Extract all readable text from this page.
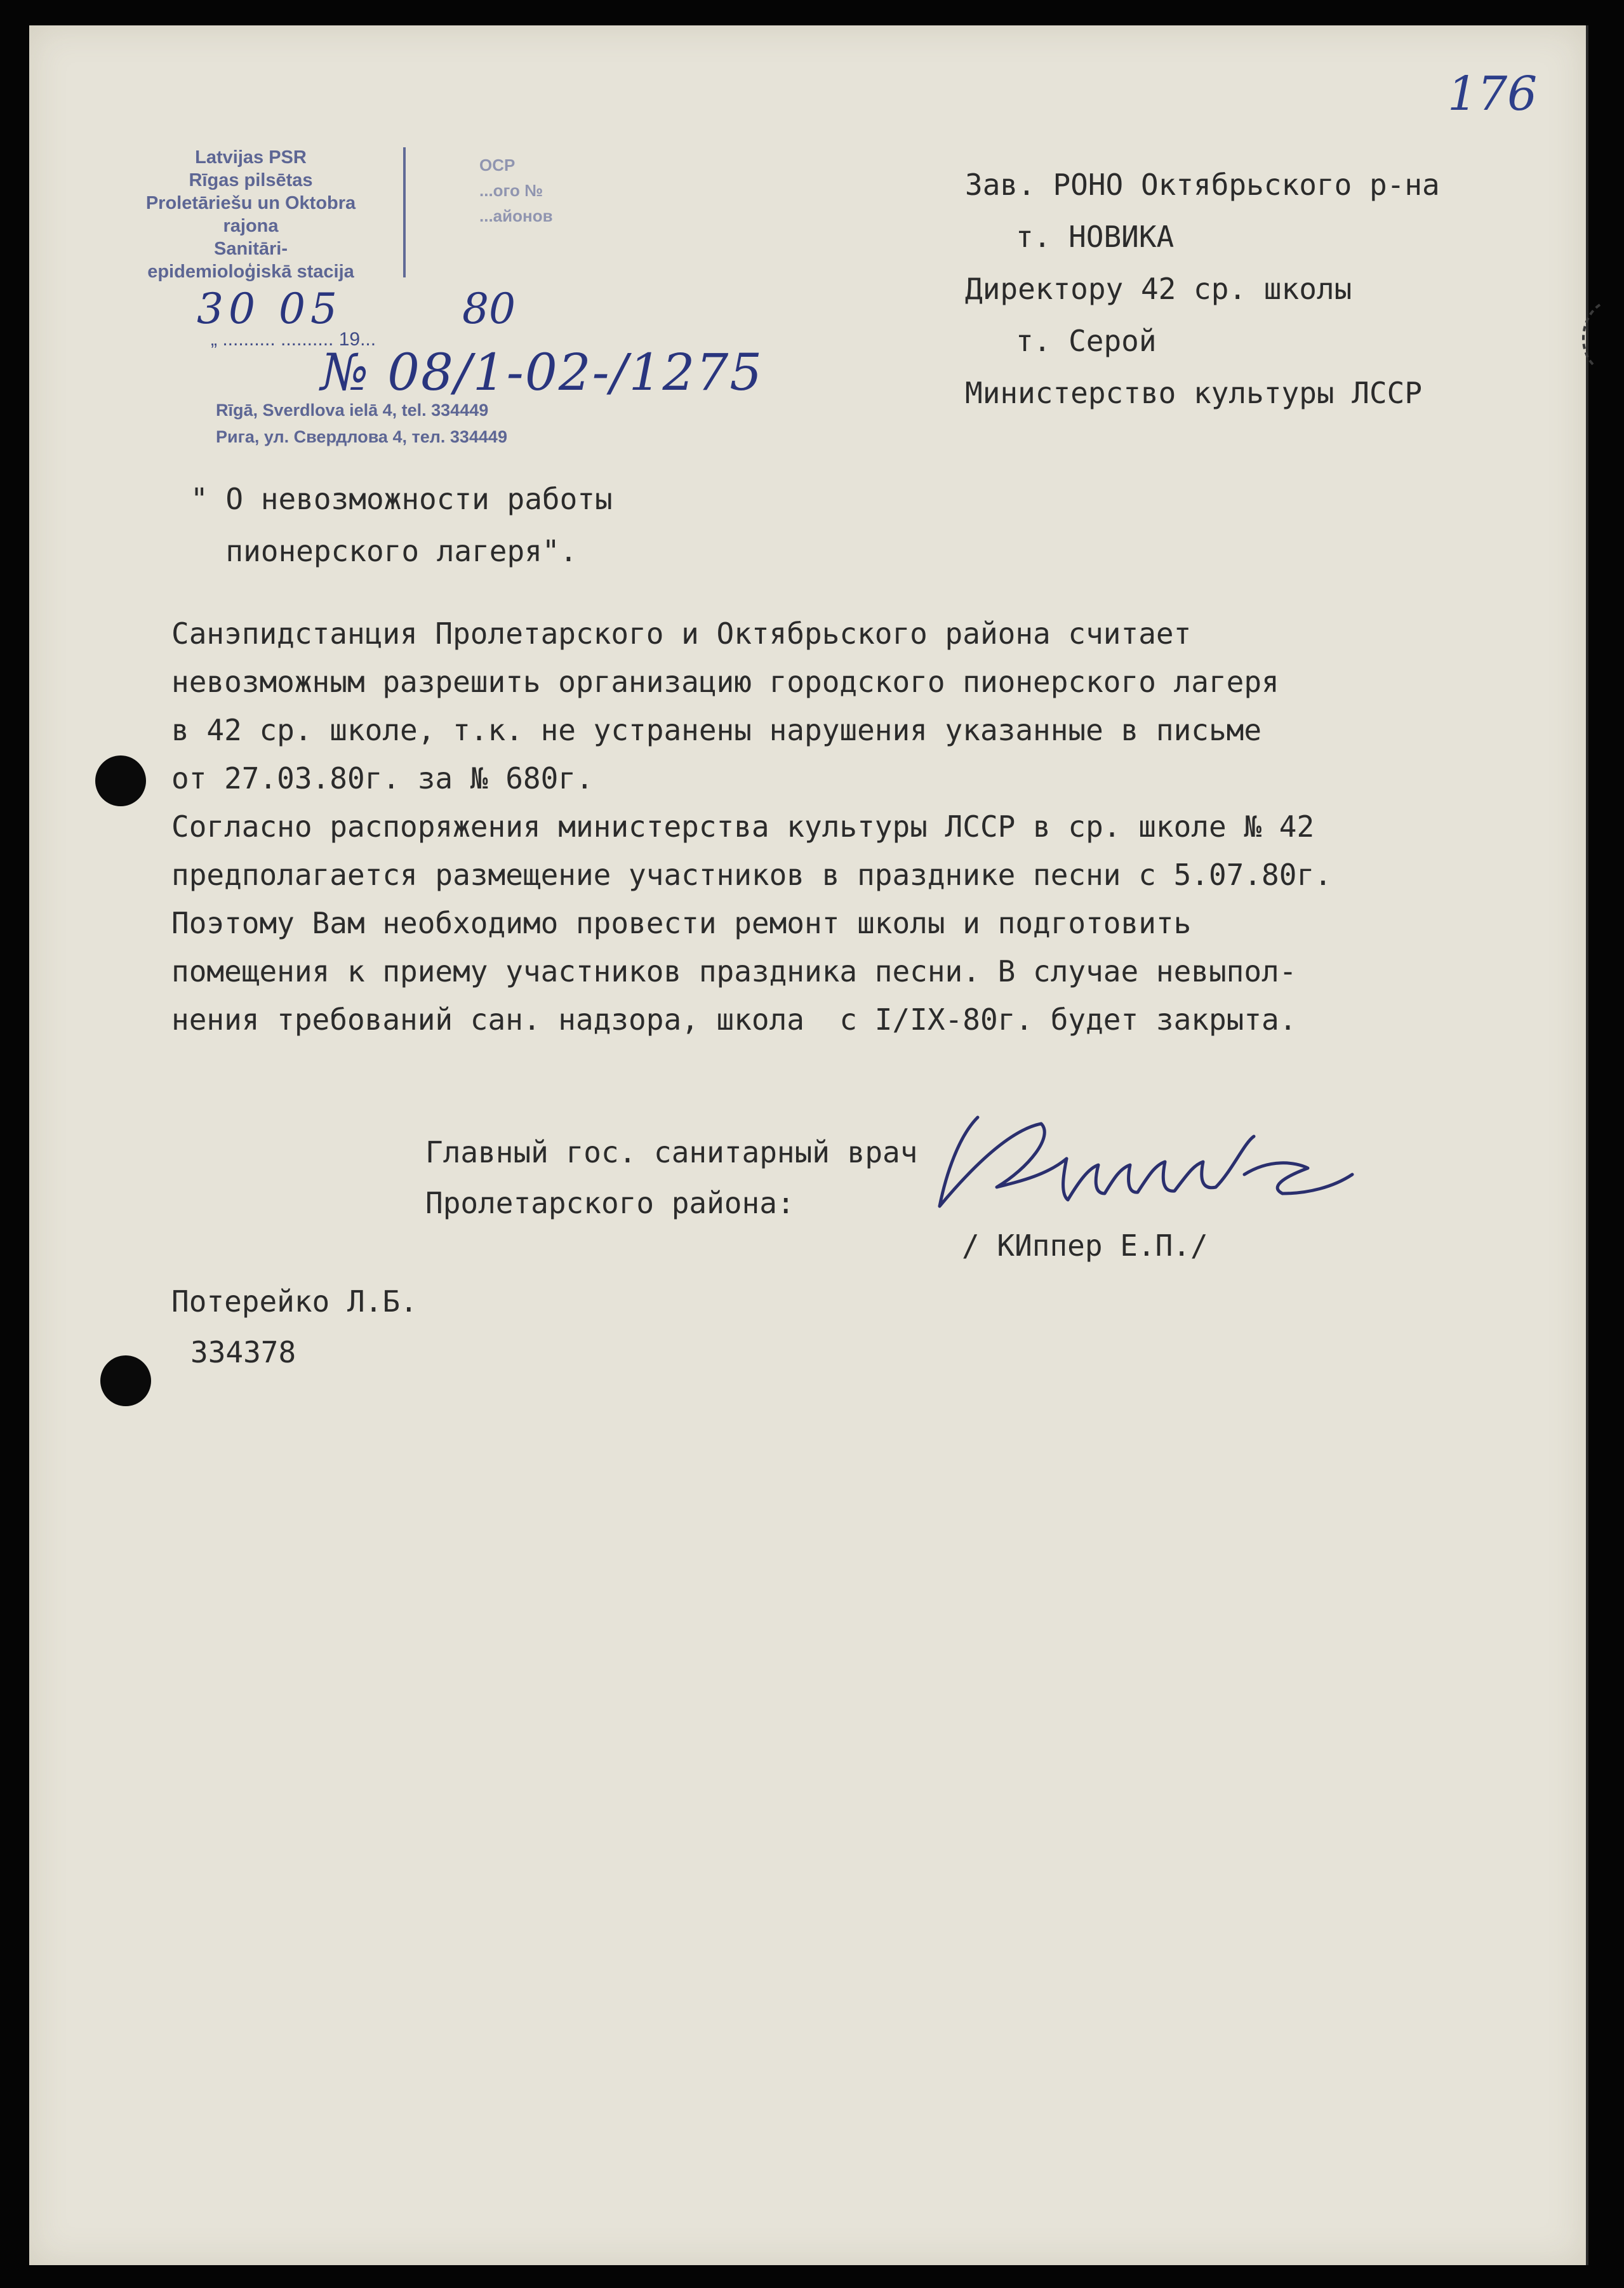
176
Latvijas PSR
Rīgas pilsētas
Proletāriešu un Oktobra
rajona
Sanitāri-
epidemioloģiskā stacija
ОСР
...ого №
...айонов
Rīgā, Sverdlova ielā 4, tel. 334449
Рига, ул. Свердлова 4, тел. 334449
„ .......... .......... 19...
30 05	80
№ 08/1-02-/1275
Зав. РОНО Октябрьского р-на
т. НОВИКА
Директору 42 ср. школы
т. Серой
Министерство культуры ЛССР
" О невозможности работы
пионерского лагеря".
Санэпидстанция Пролетарского и Октябрьского района считает
невозможным разрешить организацию городского пионерского лагеря
в 42 ср. школе, т.к. не устранены нарушения указанные в письме
от 27.03.80г. за № 680г.
Согласно распоряжения министерства культуры ЛССР в ср. школе № 42
предполагается размещение участников в празднике песни с 5.07.80г.
Поэтому Вам необходимо провести ремонт школы и подготовить
помещения к приему участников праздника песни. В случае невыпол-
нения требований сан. надзора, школа  с I/IX-80г. будет закрыта.
Главный гос. санитарный врач
Пролетарского района:
/ КИппер Е.П./
Потерейко Л.Б.
334378
